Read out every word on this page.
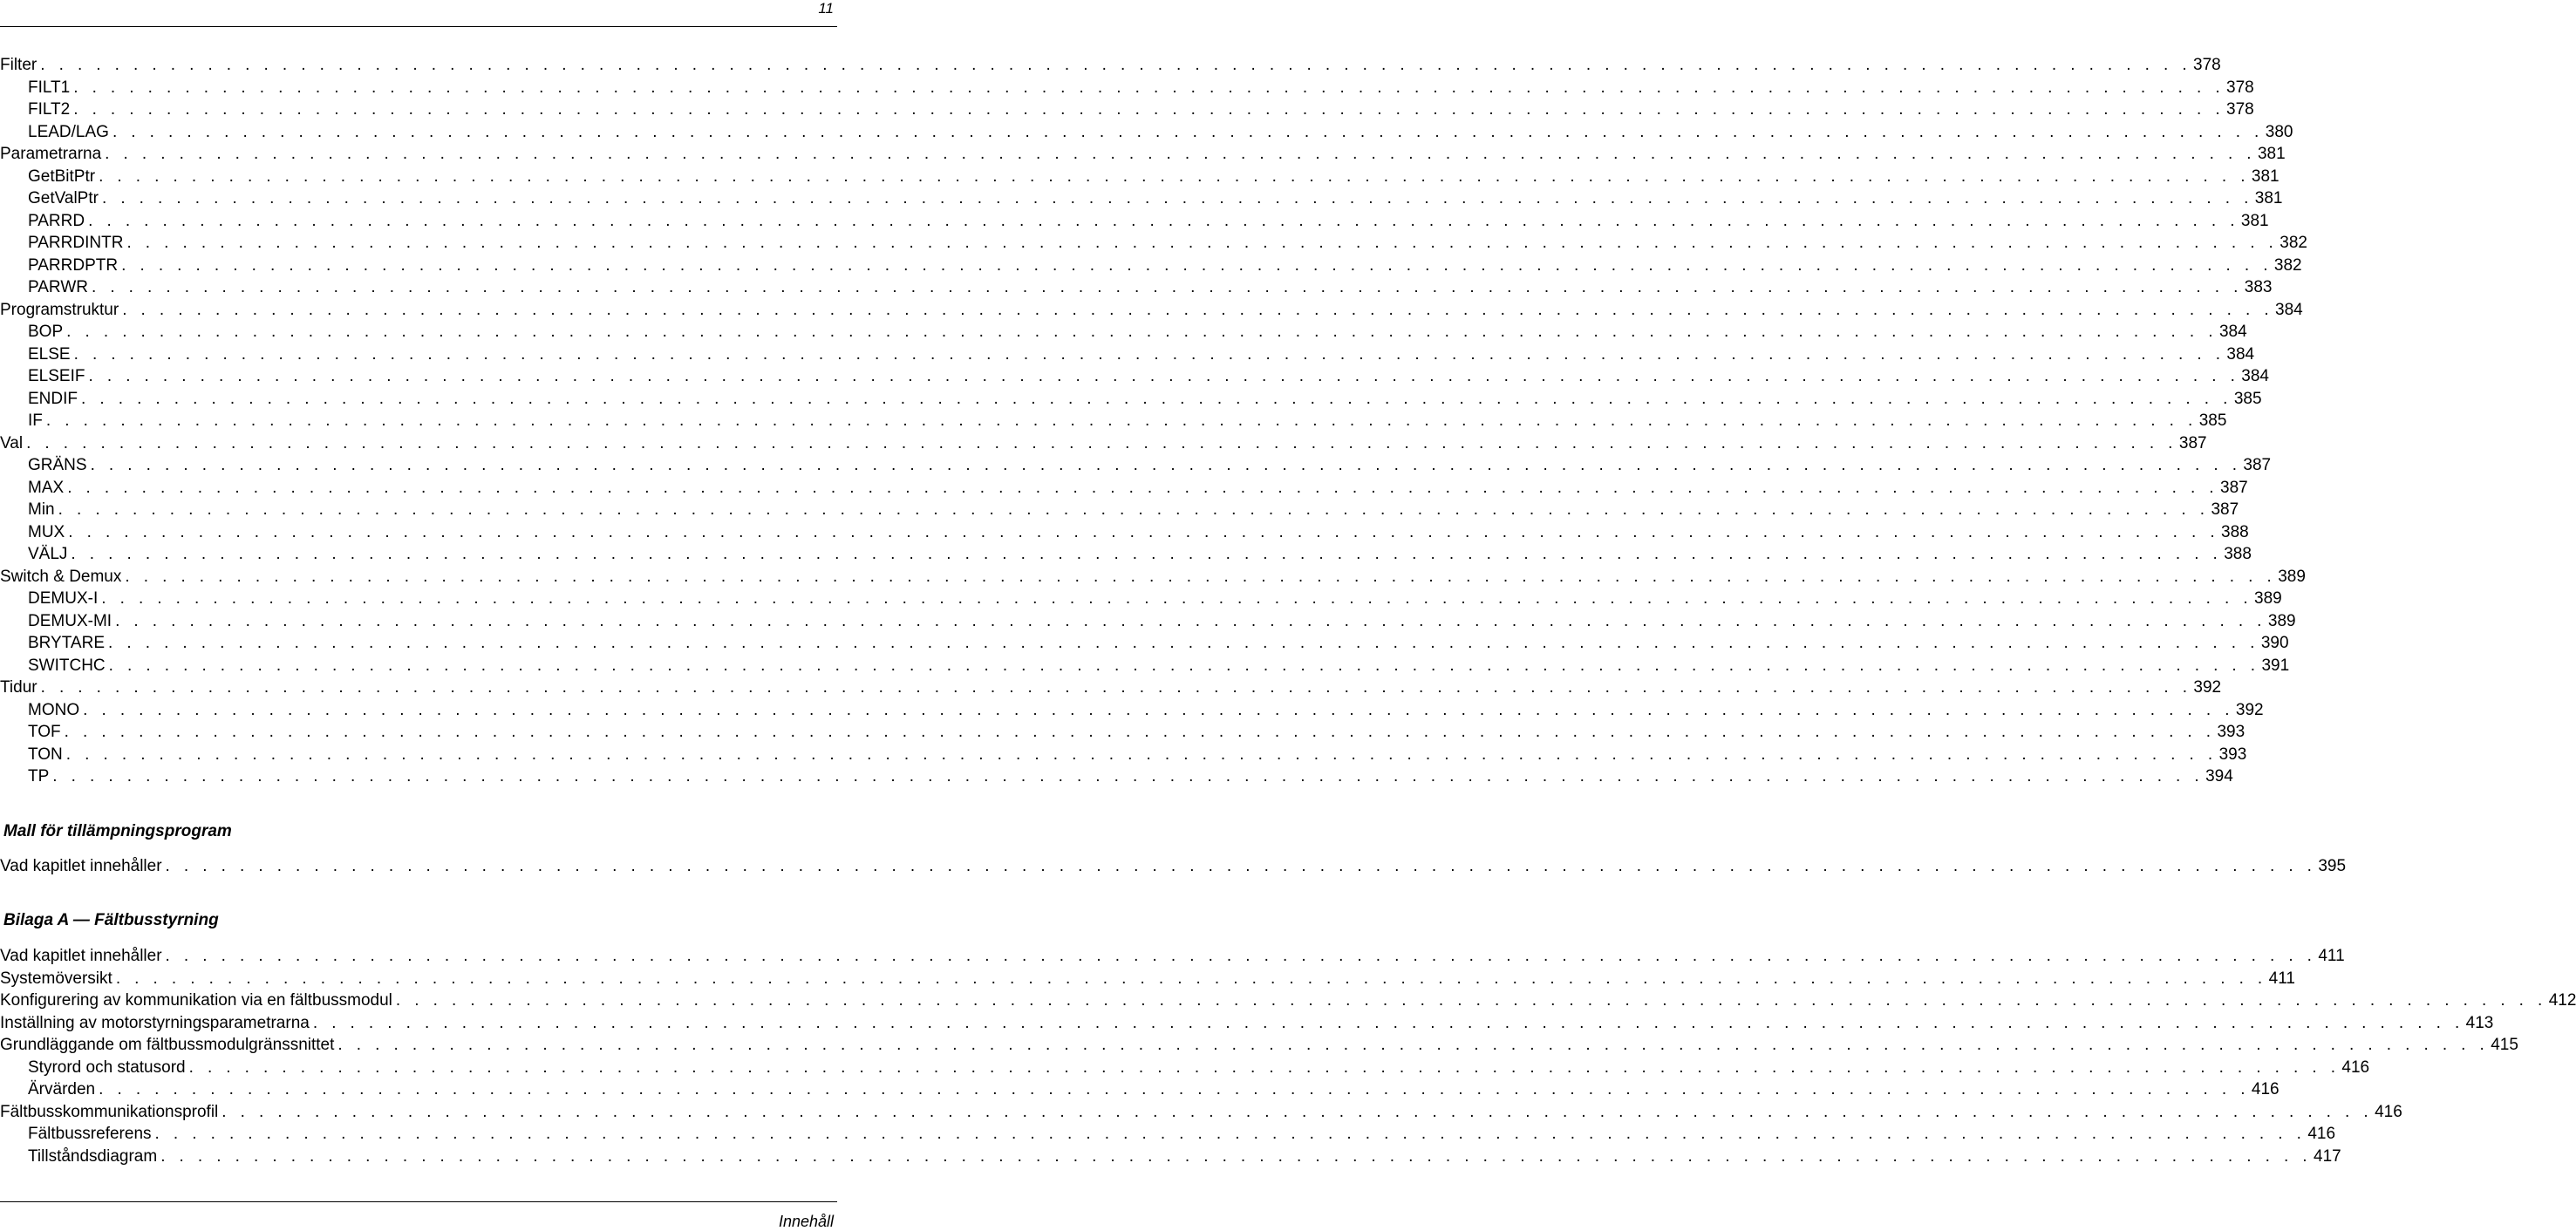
11
Filter . . . . . . . . . . . . . . . . . . . . . . . . . . . . . . . . . . . . . . . . . . . . . . . . . . . . . . . . . . . . . . . . . . . . . . . . . . . . . . . . . . . . . . . . . . . . . . . . . . . . . . . . . . . . . . . . . . . . 378
FILT1 . . . . . . . . . . . . . . . . . . . . . . . . . . . . . . . . . . . . . . . . . . . . . . . . . . . . . . . . . . . . . . . . . . . . . . . . . . . . . . . . . . . . . . . . . . . . . . . . . . . . . . . . . . . . . . . . . . . . 378
FILT2 . . . . . . . . . . . . . . . . . . . . . . . . . . . . . . . . . . . . . . . . . . . . . . . . . . . . . . . . . . . . . . . . . . . . . . . . . . . . . . . . . . . . . . . . . . . . . . . . . . . . . . . . . . . . . . . . . . . . 378
LEAD/LAG . . . . . . . . . . . . . . . . . . . . . . . . . . . . . . . . . . . . . . . . . . . . . . . . . . . . . . . . . . . . . . . . . . . . . . . . . . . . . . . . . . . . . . . . . . . . . . . . . . . . . . . . . . . . . . . . . . . . 380
Parametrarna . . . . . . . . . . . . . . . . . . . . . . . . . . . . . . . . . . . . . . . . . . . . . . . . . . . . . . . . . . . . . . . . . . . . . . . . . . . . . . . . . . . . . . . . . . . . . . . . . . . . . . . . . . . . . . . . . . . . 381
GetBitPtr . . . . . . . . . . . . . . . . . . . . . . . . . . . . . . . . . . . . . . . . . . . . . . . . . . . . . . . . . . . . . . . . . . . . . . . . . . . . . . . . . . . . . . . . . . . . . . . . . . . . . . . . . . . . . . . . . . . . 381
GetValPtr . . . . . . . . . . . . . . . . . . . . . . . . . . . . . . . . . . . . . . . . . . . . . . . . . . . . . . . . . . . . . . . . . . . . . . . . . . . . . . . . . . . . . . . . . . . . . . . . . . . . . . . . . . . . . . . . . . . . 381
PARRD . . . . . . . . . . . . . . . . . . . . . . . . . . . . . . . . . . . . . . . . . . . . . . . . . . . . . . . . . . . . . . . . . . . . . . . . . . . . . . . . . . . . . . . . . . . . . . . . . . . . . . . . . . . . . . . . . . . . 381
PARRDINTR . . . . . . . . . . . . . . . . . . . . . . . . . . . . . . . . . . . . . . . . . . . . . . . . . . . . . . . . . . . . . . . . . . . . . . . . . . . . . . . . . . . . . . . . . . . . . . . . . . . . . . . . . . . . . . . . . . . . 382
PARRDPTR . . . . . . . . . . . . . . . . . . . . . . . . . . . . . . . . . . . . . . . . . . . . . . . . . . . . . . . . . . . . . . . . . . . . . . . . . . . . . . . . . . . . . . . . . . . . . . . . . . . . . . . . . . . . . . . . . . . . 382
PARWR . . . . . . . . . . . . . . . . . . . . . . . . . . . . . . . . . . . . . . . . . . . . . . . . . . . . . . . . . . . . . . . . . . . . . . . . . . . . . . . . . . . . . . . . . . . . . . . . . . . . . . . . . . . . . . . . . . . . 383
Programstruktur . . . . . . . . . . . . . . . . . . . . . . . . . . . . . . . . . . . . . . . . . . . . . . . . . . . . . . . . . . . . . . . . . . . . . . . . . . . . . . . . . . . . . . . . . . . . . . . . . . . . . . . . . . . . . . . . . . . . 384
BOP . . . . . . . . . . . . . . . . . . . . . . . . . . . . . . . . . . . . . . . . . . . . . . . . . . . . . . . . . . . . . . . . . . . . . . . . . . . . . . . . . . . . . . . . . . . . . . . . . . . . . . . . . . . . . . . . . . . . 384
ELSE . . . . . . . . . . . . . . . . . . . . . . . . . . . . . . . . . . . . . . . . . . . . . . . . . . . . . . . . . . . . . . . . . . . . . . . . . . . . . . . . . . . . . . . . . . . . . . . . . . . . . . . . . . . . . . . . . . . . 384
ELSEIF . . . . . . . . . . . . . . . . . . . . . . . . . . . . . . . . . . . . . . . . . . . . . . . . . . . . . . . . . . . . . . . . . . . . . . . . . . . . . . . . . . . . . . . . . . . . . . . . . . . . . . . . . . . . . . . . . . . . 384
ENDIF . . . . . . . . . . . . . . . . . . . . . . . . . . . . . . . . . . . . . . . . . . . . . . . . . . . . . . . . . . . . . . . . . . . . . . . . . . . . . . . . . . . . . . . . . . . . . . . . . . . . . . . . . . . . . . . . . . . . 385
IF . . . . . . . . . . . . . . . . . . . . . . . . . . . . . . . . . . . . . . . . . . . . . . . . . . . . . . . . . . . . . . . . . . . . . . . . . . . . . . . . . . . . . . . . . . . . . . . . . . . . . . . . . . . . . . . . . . . . 385
Val . . . . . . . . . . . . . . . . . . . . . . . . . . . . . . . . . . . . . . . . . . . . . . . . . . . . . . . . . . . . . . . . . . . . . . . . . . . . . . . . . . . . . . . . . . . . . . . . . . . . . . . . . . . . . . . . . . . . 387
GRÄNS . . . . . . . . . . . . . . . . . . . . . . . . . . . . . . . . . . . . . . . . . . . . . . . . . . . . . . . . . . . . . . . . . . . . . . . . . . . . . . . . . . . . . . . . . . . . . . . . . . . . . . . . . . . . . . . . . . . . 387
MAX . . . . . . . . . . . . . . . . . . . . . . . . . . . . . . . . . . . . . . . . . . . . . . . . . . . . . . . . . . . . . . . . . . . . . . . . . . . . . . . . . . . . . . . . . . . . . . . . . . . . . . . . . . . . . . . . . . . . 387
Min . . . . . . . . . . . . . . . . . . . . . . . . . . . . . . . . . . . . . . . . . . . . . . . . . . . . . . . . . . . . . . . . . . . . . . . . . . . . . . . . . . . . . . . . . . . . . . . . . . . . . . . . . . . . . . . . . . . . 387
MUX . . . . . . . . . . . . . . . . . . . . . . . . . . . . . . . . . . . . . . . . . . . . . . . . . . . . . . . . . . . . . . . . . . . . . . . . . . . . . . . . . . . . . . . . . . . . . . . . . . . . . . . . . . . . . . . . . . . . 388
VÄLJ . . . . . . . . . . . . . . . . . . . . . . . . . . . . . . . . . . . . . . . . . . . . . . . . . . . . . . . . . . . . . . . . . . . . . . . . . . . . . . . . . . . . . . . . . . . . . . . . . . . . . . . . . . . . . . . . . . . . 388
Switch & Demux . . . . . . . . . . . . . . . . . . . . . . . . . . . . . . . . . . . . . . . . . . . . . . . . . . . . . . . . . . . . . . . . . . . . . . . . . . . . . . . . . . . . . . . . . . . . . . . . . . . . . . . . . . . . . . . . . . . . 389
DEMUX-I . . . . . . . . . . . . . . . . . . . . . . . . . . . . . . . . . . . . . . . . . . . . . . . . . . . . . . . . . . . . . . . . . . . . . . . . . . . . . . . . . . . . . . . . . . . . . . . . . . . . . . . . . . . . . . . . . . . . 389
DEMUX-MI . . . . . . . . . . . . . . . . . . . . . . . . . . . . . . . . . . . . . . . . . . . . . . . . . . . . . . . . . . . . . . . . . . . . . . . . . . . . . . . . . . . . . . . . . . . . . . . . . . . . . . . . . . . . . . . . . . . . 389
BRYTARE . . . . . . . . . . . . . . . . . . . . . . . . . . . . . . . . . . . . . . . . . . . . . . . . . . . . . . . . . . . . . . . . . . . . . . . . . . . . . . . . . . . . . . . . . . . . . . . . . . . . . . . . . . . . . . . . . . . . 390
SWITCHC . . . . . . . . . . . . . . . . . . . . . . . . . . . . . . . . . . . . . . . . . . . . . . . . . . . . . . . . . . . . . . . . . . . . . . . . . . . . . . . . . . . . . . . . . . . . . . . . . . . . . . . . . . . . . . . . . . . . 391
Tidur . . . . . . . . . . . . . . . . . . . . . . . . . . . . . . . . . . . . . . . . . . . . . . . . . . . . . . . . . . . . . . . . . . . . . . . . . . . . . . . . . . . . . . . . . . . . . . . . . . . . . . . . . . . . . . . . . . . . 392
MONO . . . . . . . . . . . . . . . . . . . . . . . . . . . . . . . . . . . . . . . . . . . . . . . . . . . . . . . . . . . . . . . . . . . . . . . . . . . . . . . . . . . . . . . . . . . . . . . . . . . . . . . . . . . . . . . . . . . . 392
TOF . . . . . . . . . . . . . . . . . . . . . . . . . . . . . . . . . . . . . . . . . . . . . . . . . . . . . . . . . . . . . . . . . . . . . . . . . . . . . . . . . . . . . . . . . . . . . . . . . . . . . . . . . . . . . . . . . . . . 393
TON . . . . . . . . . . . . . . . . . . . . . . . . . . . . . . . . . . . . . . . . . . . . . . . . . . . . . . . . . . . . . . . . . . . . . . . . . . . . . . . . . . . . . . . . . . . . . . . . . . . . . . . . . . . . . . . . . . . . 393
TP . . . . . . . . . . . . . . . . . . . . . . . . . . . . . . . . . . . . . . . . . . . . . . . . . . . . . . . . . . . . . . . . . . . . . . . . . . . . . . . . . . . . . . . . . . . . . . . . . . . . . . . . . . . . . . . . . . . . 394
Mall för tillämpningsprogram
Vad kapitlet innehåller . . . . . . . . . . . . . . . . . . . . . . . . . . . . . . . . . . . . . . . . . . . . . . . . . . . . . . . . . . . . . . . . . . . . . . . . . . . . . . . . . . . . . . . . . . . . . . . . . . . . . . . . . . . . . . . . . . . . 395
Bilaga A — Fältbusstyrning
Vad kapitlet innehåller . . . . . . . . . . . . . . . . . . . . . . . . . . . . . . . . . . . . . . . . . . . . . . . . . . . . . . . . . . . . . . . . . . . . . . . . . . . . . . . . . . . . . . . . . . . . . . . . . . . . . . . . . . . . . . . . . . . . 411
Systemöversikt . . . . . . . . . . . . . . . . . . . . . . . . . . . . . . . . . . . . . . . . . . . . . . . . . . . . . . . . . . . . . . . . . . . . . . . . . . . . . . . . . . . . . . . . . . . . . . . . . . . . . . . . . . . . . . . . . . . . 411
Konfigurering av kommunikation via en fältbussmodul . . . . . . . . . . . . . . . . . . . . . . . . . . . . . . . . . . . . . . . . . . . . . . . . . . . . . . . . . . . . . . . . . . . . . . . . . . . . . . . . . . . . . . . . . . . . . . . . . . . . . . . . . . . . . . . . . . . . 412
Inställning av motorstyrningsparametrarna . . . . . . . . . . . . . . . . . . . . . . . . . . . . . . . . . . . . . . . . . . . . . . . . . . . . . . . . . . . . . . . . . . . . . . . . . . . . . . . . . . . . . . . . . . . . . . . . . . . . . . . . . . . . . . . . . . . . 413
Grundläggande om fältbussmodulgränssnittet . . . . . . . . . . . . . . . . . . . . . . . . . . . . . . . . . . . . . . . . . . . . . . . . . . . . . . . . . . . . . . . . . . . . . . . . . . . . . . . . . . . . . . . . . . . . . . . . . . . . . . . . . . . . . . . . . . . . 415
Styrord och statusord . . . . . . . . . . . . . . . . . . . . . . . . . . . . . . . . . . . . . . . . . . . . . . . . . . . . . . . . . . . . . . . . . . . . . . . . . . . . . . . . . . . . . . . . . . . . . . . . . . . . . . . . . . . . . . . . . . . . 416
Ärvärden . . . . . . . . . . . . . . . . . . . . . . . . . . . . . . . . . . . . . . . . . . . . . . . . . . . . . . . . . . . . . . . . . . . . . . . . . . . . . . . . . . . . . . . . . . . . . . . . . . . . . . . . . . . . . . . . . . . . 416
Fältbusskommunikationsprofil . . . . . . . . . . . . . . . . . . . . . . . . . . . . . . . . . . . . . . . . . . . . . . . . . . . . . . . . . . . . . . . . . . . . . . . . . . . . . . . . . . . . . . . . . . . . . . . . . . . . . . . . . . . . . . . . . . . . 416
Fältbussreferens . . . . . . . . . . . . . . . . . . . . . . . . . . . . . . . . . . . . . . . . . . . . . . . . . . . . . . . . . . . . . . . . . . . . . . . . . . . . . . . . . . . . . . . . . . . . . . . . . . . . . . . . . . . . . . . . . . . . 416
Tillståndsdiagram . . . . . . . . . . . . . . . . . . . . . . . . . . . . . . . . . . . . . . . . . . . . . . . . . . . . . . . . . . . . . . . . . . . . . . . . . . . . . . . . . . . . . . . . . . . . . . . . . . . . . . . . . . . . . . . . . . . . 417
Innehåll
